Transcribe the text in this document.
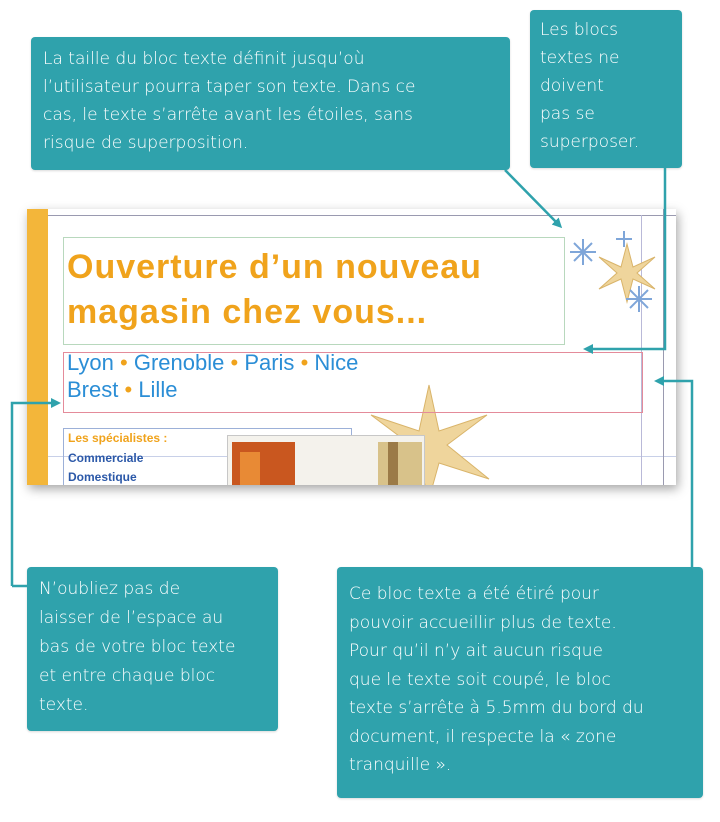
La taille du bloc texte définit jusqu’où
l’utilisateur pourra taper son texte. Dans ce
cas, le texte s’arrête avant les étoiles, sans
risque de superposition.

Les blocs
textes ne
doivent
pas se
superposer.

N’oubliez pas de
laisser de l’espace au
bas de votre bloc texte
et entre chaque bloc
texte.

Ce bloc texte a été étiré pour
pouvoir accueillir plus de texte.
Pour qu’il n’y ait aucun risque
que le texte soit coupé, le bloc
texte s’arrête à 5.5mm du bord du
document, il respecte la « zone
tranquille ».

Ouverture d’un nouveau
magasin chez vous...

Lyon • Grenoble • Paris • Nice
Brest • Lille

Les spécialistes :
Commerciale
Domestique
